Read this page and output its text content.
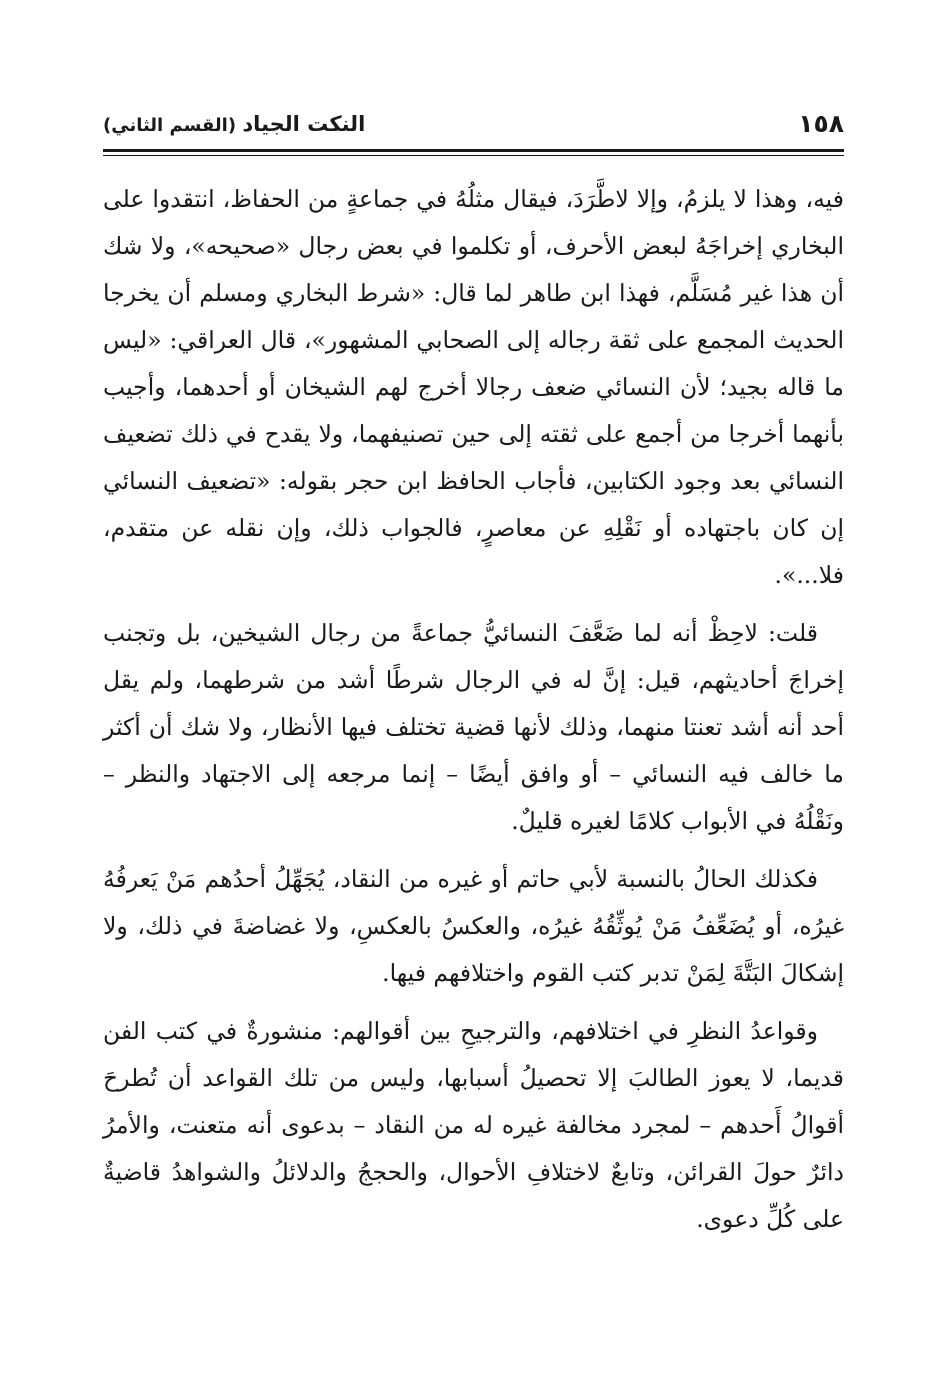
١٥٨
النكت الجياد (القسم الثاني)

فيه، وهذا لا يلزمُ، وإلا لاطَّرَدَ، فيقال مثلُهُ في جماعةٍ من الحفاظ، انتقدوا على البخاري إخراجَهُ لبعض الأحرف، أو تكلموا في بعض رجال «صحيحه»، ولا شك أن هذا غير مُسَلَّم، فهذا ابن طاهر لما قال: «شرط البخاري ومسلم أن يخرجا الحديث المجمع على ثقة رجاله إلى الصحابي المشهور»، قال العراقي: «ليس ما قاله بجيد؛ لأن النسائي ضعف رجالا أخرج لهم الشيخان أو أحدهما، وأجيب بأنهما أخرجا من أجمع على ثقته إلى حين تصنيفهما، ولا يقدح في ذلك تضعيف النسائي بعد وجود الكتابين، فأجاب الحافظ ابن حجر بقوله: «تضعيف النسائي إن كان باجتهاده أو نَقْلِهِ عن معاصرٍ، فالجواب ذلك، وإن نقله عن متقدم، فلا...».

قلت: لاحِظْ أنه لما ضَعَّفَ النسائيُّ جماعةً من رجال الشيخين، بل وتجنب إخراجَ أحاديثهم، قيل: إنَّ له في الرجال شرطًا أشد من شرطهما، ولم يقل أحد أنه أشد تعنتا منهما، وذلك لأنها قضية تختلف فيها الأنظار، ولا شك أن أكثر ما خالف فيه النسائي – أو وافق أيضًا – إنما مرجعه إلى الاجتهاد والنظر – ونَقْلُهُ في الأبواب كلامًا لغيره قليلٌ.

فكذلك الحالُ بالنسبة لأبي حاتم أو غيره من النقاد، يُجَهِّلُ أحدُهم مَنْ يَعرفُهُ غيرُه، أو يُضَعِّفُ مَنْ يُوثِّقُهُ غيرُه، والعكسُ بالعكسِ، ولا غضاضةَ في ذلك، ولا إشكالَ البَتَّةَ لِمَنْ تدبر كتب القوم واختلافهم فيها.

وقواعدُ النظرِ في اختلافهم، والترجيحِ بين أقوالهم: منشورةٌ في كتب الفن قديما، لا يعوز الطالبَ إلا تحصيلُ أسبابها، وليس من تلك القواعد أن تُطرحَ أقوالُ أَحدهم – لمجرد مخالفة غيره له من النقاد – بدعوى أنه متعنت، والأمرُ دائرٌ حولَ القرائن، وتابعٌ لاختلافِ الأحوال، والحججُ والدلائلُ والشواهدُ قاضيةٌ على كُلِّ دعوى.
